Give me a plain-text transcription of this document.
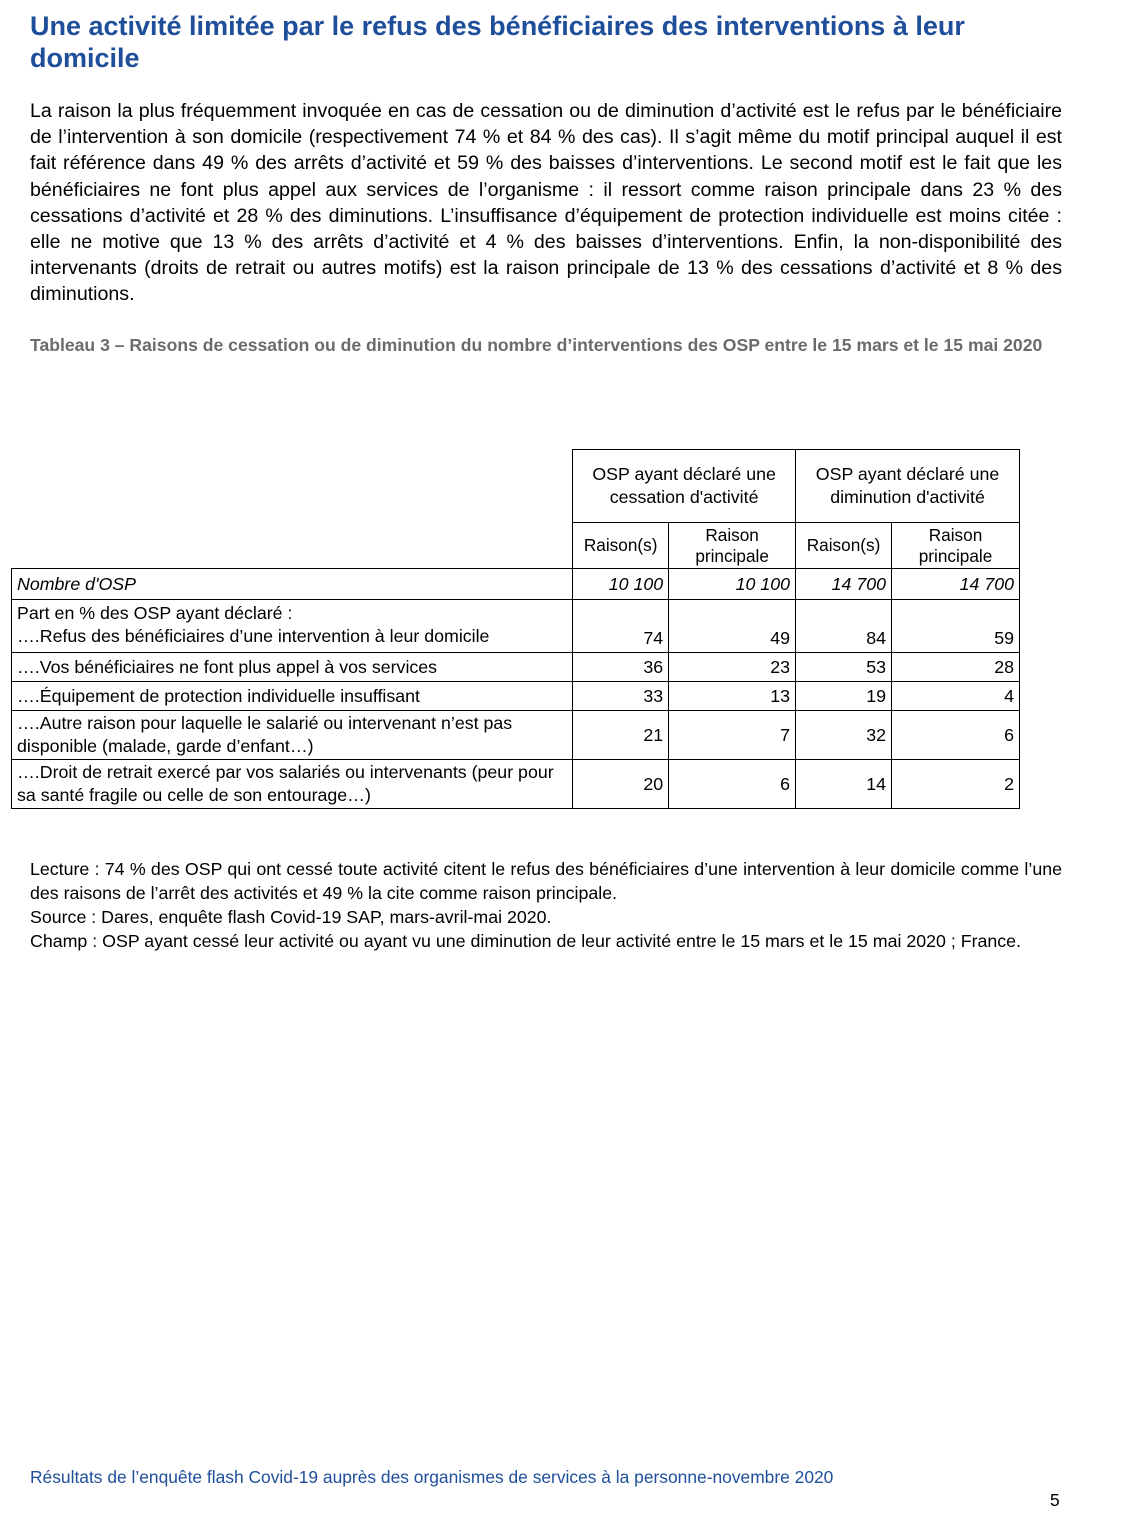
Une activité limitée par le refus des bénéficiaires des interventions à leur domicile

La raison la plus fréquemment invoquée en cas de cessation ou de diminution d’activité est le refus par le bénéficiaire de l’intervention à son domicile (respectivement 74 % et 84 % des cas). Il s’agit même du motif principal auquel il est fait référence dans 49 % des arrêts d’activité et 59 % des baisses d’interventions. Le second motif est le fait que les bénéficiaires ne font plus appel aux services de l’organisme : il ressort comme raison principale dans 23 % des cessations d’activité et 28 % des diminutions. L’insuffisance d’équipement de protection individuelle est moins citée : elle ne motive que 13 % des arrêts d’activité et 4 % des baisses d’interventions. Enfin, la non-disponibilité des intervenants (droits de retrait ou autres motifs) est la raison principale de 13 % des cessations d’activité et 8 % des diminutions.

Tableau 3 – Raisons de cessation ou de diminution du nombre d’interventions des OSP entre le 15 mars et le 15 mai 2020

	OSP ayant déclaré une cessation d'activité		OSP ayant déclaré une diminution d'activité	
	Raison(s)	Raison principale	Raison(s)	Raison principale
Nombre d'OSP	10 100	10 100	14 700	14 700

Part en % des OSP ayant déclaré :
….Refus des bénéficiaires d’une intervention à leur domicile	74	49	84	59
….Vos bénéficiaires ne font plus appel à vos services	36	23	53	28
….Équipement de protection individuelle insuffisant	33	13	19	4
….Autre raison pour laquelle le salarié ou intervenant n’est pas disponible (malade, garde d’enfant…)	21	7	32	6
….Droit de retrait exercé par vos salariés ou intervenants (peur pour sa santé fragile ou celle de son entourage…)	20	6	14	2

Lecture : 74 % des OSP qui ont cessé toute activité citent le refus des bénéficiaires d’une intervention à leur domicile comme l’une des raisons de l’arrêt des activités et 49 % la cite comme raison principale.

Source : Dares, enquête flash Covid-19 SAP, mars-avril-mai 2020.

Champ : OSP ayant cessé leur activité ou ayant vu une diminution de leur activité entre le 15 mars et le 15 mai 2020 ; France.

Résultats de l’enquête flash Covid-19 auprès des organismes de services à la personne-novembre 2020
5
